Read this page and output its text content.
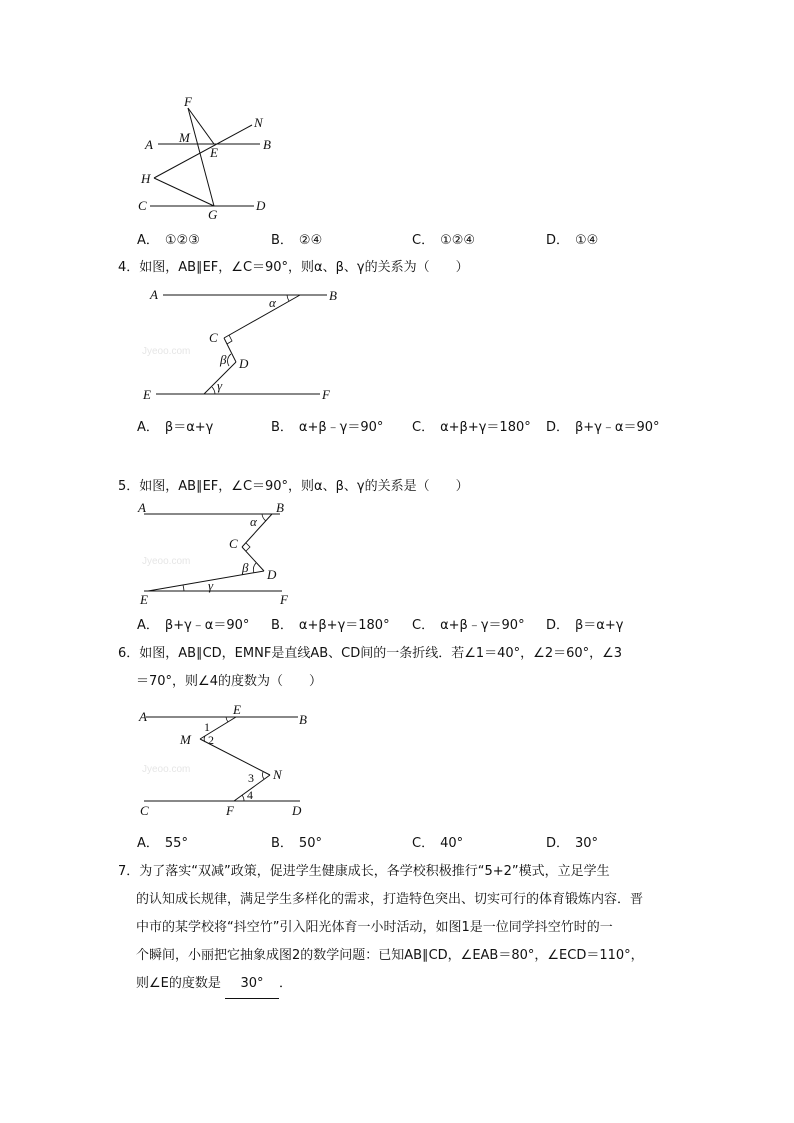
F
N
M
A
E
B
H
C
G
D
A． ①②③	B． ②④	C． ①②④	D． ①④
4．如图，AB∥EF，∠C＝90°，则α、β、γ的关系为（　　）
A	B
α
C
β D
γ
E	F
Jyeoo.com
A． β＝α+γ	B． α+β﹣γ＝90° C． α+β+γ＝180° D． β+γ﹣α＝90°
5．如图，AB∥EF，∠C＝90°，则α、β、γ的关系是（　　）
A	B
α
C
β D
γ
E	F
Jyeoo.com
A． β+γ﹣α＝90° B． α+β+γ＝180° C． α+β﹣γ＝90° D． β＝α+γ
6．如图，AB∥CD，EMNF是直线AB、CD间的一条折线．若∠1＝40°，∠2＝60°，∠3
＝70°，则∠4的度数为（　　）
A	E
B
1
2
M
N
3
4
C	F	D
Jyeoo.com
A． 55°	B． 50°	C． 40°	D． 30°
7．为了落实“双减”政策，促进学生健康成长，各学校积极推行“5+2”模式，立足学生
的认知成长规律，满足学生多样化的需求，打造特色突出、切实可行的体育锻炼内容．晋
中市的某学校将“抖空竹”引入阳光体育一小时活动，如图1是一位同学抖空竹时的一
个瞬间，小丽把它抽象成图2的数学问题：已知AB∥CD，∠EAB＝80°，∠ECD＝110°，
则∠E的度数是 30° ．
